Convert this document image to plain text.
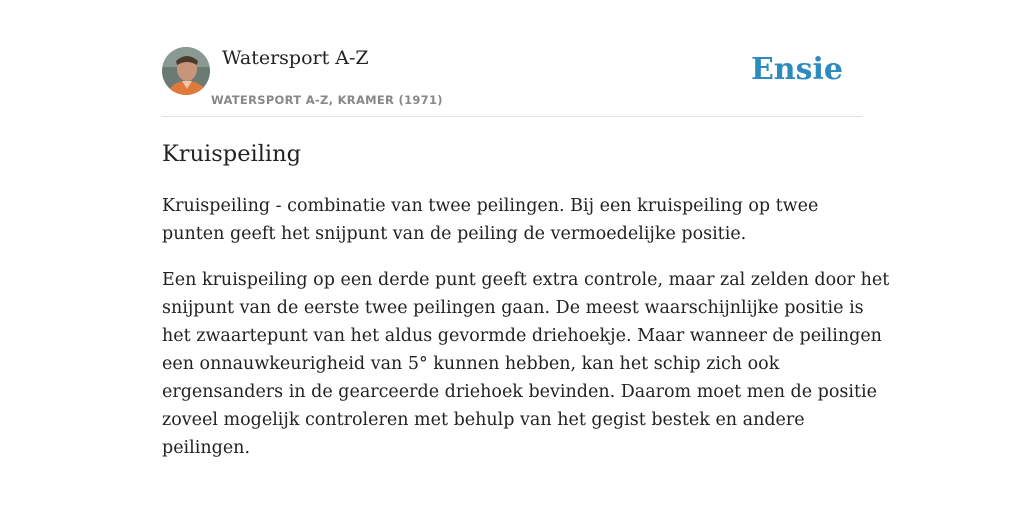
Watersport A-Z
WATERSPORT A-Z, KRAMER (1971)
Ensie
Kruispeiling

Kruispeiling - combinatie van twee peilingen. Bij een kruispeiling op twee
punten geeft het snijpunt van de peiling de vermoedelijke positie.

Een kruispeiling op een derde punt geeft extra controle, maar zal zelden door het
snijpunt van de eerste twee peilingen gaan. De meest waarschijnlijke positie is
het zwaartepunt van het aldus gevormde driehoekje. Maar wanneer de peilingen
een onnauwkeurigheid van 5° kunnen hebben, kan het schip zich ook
ergensanders in de gearceerde driehoek bevinden. Daarom moet men de positie
zoveel mogelijk controleren met behulp van het gegist bestek en andere
peilingen.
